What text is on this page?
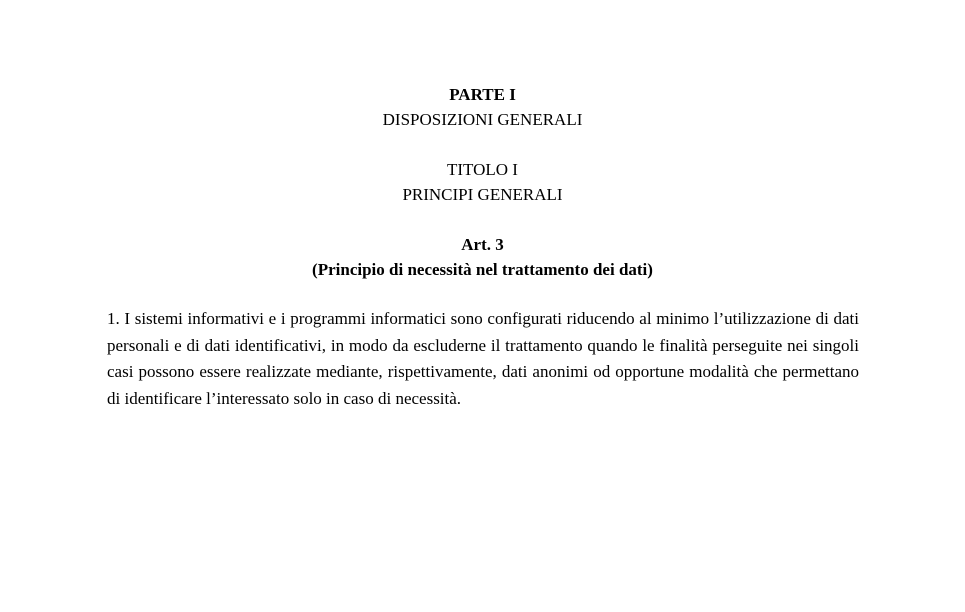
PARTE I
DISPOSIZIONI GENERALI
TITOLO I
PRINCIPI GENERALI
Art. 3
(Principio di necessità nel trattamento dei dati)

1. I sistemi informativi e i programmi informatici sono configurati riducendo al minimo l’utilizzazione di dati personali e di dati identificativi, in modo da escluderne il trattamento quando le finalità perseguite nei singoli casi possono essere realizzate mediante, rispettivamente, dati anonimi od opportune modalità che permettano di identificare l’interessato solo in caso di necessità.
